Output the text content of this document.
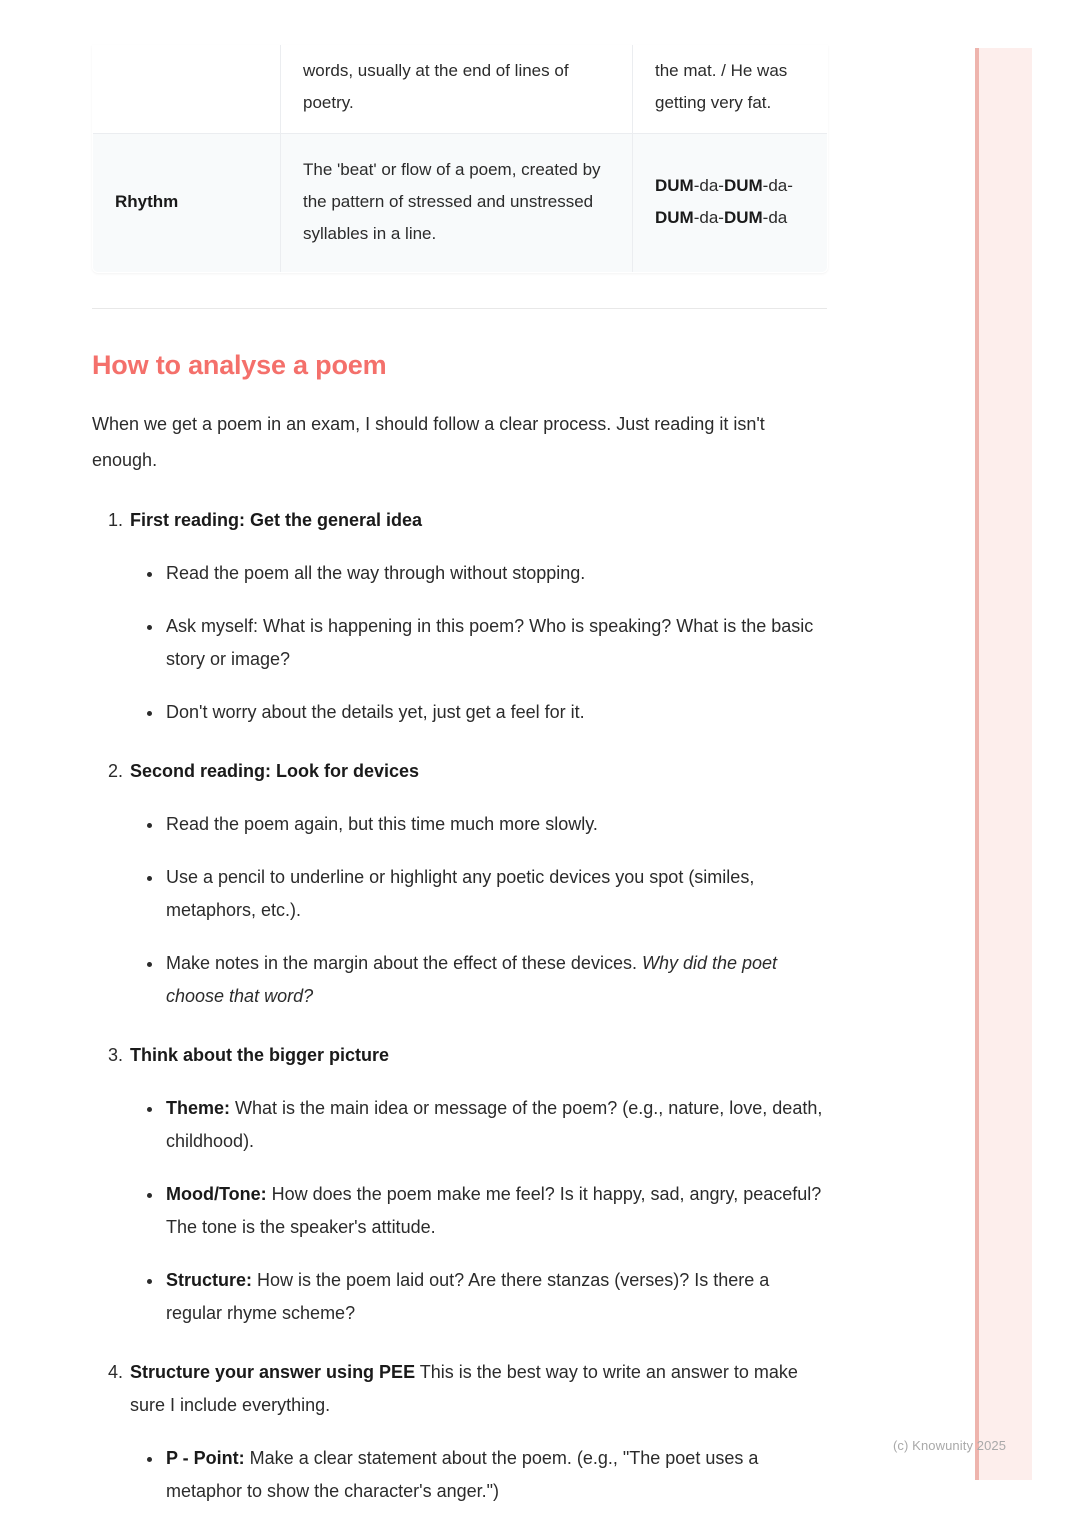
	words, usually at the end of lines of poetry.	the mat. / He was getting very fat.
Rhythm	The 'beat' or flow of a poem, created by the pattern of stressed and unstressed syllables in a line.	DUM-da-DUM-da-DUM-da-DUM-da
How to analyse a poem

When we get a poem in an exam, I should follow a clear process. Just reading it isn't enough.

1. First reading: Get the general idea
• Read the poem all the way through without stopping.
• Ask myself: What is happening in this poem? Who is speaking? What is the basic story or image?
• Don't worry about the details yet, just get a feel for it.
2. Second reading: Look for devices
• Read the poem again, but this time much more slowly.
• Use a pencil to underline or highlight any poetic devices you spot (similes, metaphors, etc.).
• Make notes in the margin about the effect of these devices. Why did the poet choose that word?
3. Think about the bigger picture
• Theme: What is the main idea or message of the poem? (e.g., nature, love, death, childhood).
• Mood/Tone: How does the poem make me feel? Is it happy, sad, angry, peaceful? The tone is the speaker's attitude.
• Structure: How is the poem laid out? Are there stanzas (verses)? Is there a regular rhyme scheme?
4. Structure your answer using PEE This is the best way to write an answer to make sure I include everything.
• P - Point: Make a clear statement about the poem. (e.g., "The poet uses a metaphor to show the character's anger.")
(c) Knowunity 2025
